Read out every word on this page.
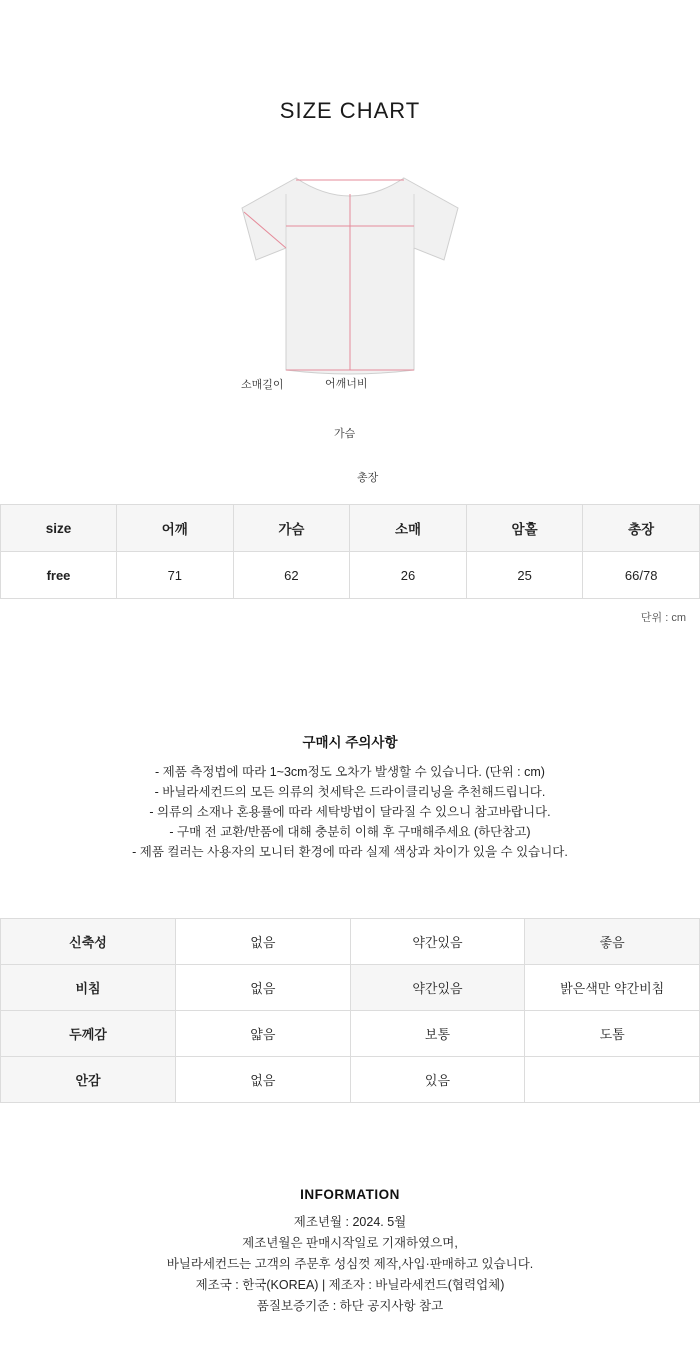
SIZE CHART
소매길이	어깨너비
가슴
총장
size	어깨	가슴	소매	암홀	총장
free	71	62	26	25	66/78
단위 : cm
구매시 주의사항
- 제품 측정법에 따라 1~3cm정도 오차가 발생할 수 있습니다. (단위 : cm)
- 바닐라세컨드의 모든 의류의 첫세탁은 드라이클리닝을 추천해드립니다.
- 의류의 소재나 혼용률에 따라 세탁방법이 달라질 수 있으니 참고바랍니다.
- 구매 전 교환/반품에 대해 충분히 이해 후 구매해주세요 (하단참고)
- 제품 컬러는 사용자의 모니터 환경에 따라 실제 색상과 차이가 있을 수 있습니다.
신축성	없음	약간있음	좋음
비침	없음	약간있음	밝은색만 약간비침
두께감	얇음	보통	도톰
안감	없음	있음	
INFORMATION
제조년월 : 2024. 5월
제조년월은 판매시작일로 기재하였으며,
바닐라세컨드는 고객의 주문후 성심껏 제작,사입·판매하고 있습니다.
제조국 : 한국(KOREA) | 제조자 : 바닐라세컨드(협력업체)
품질보증기준 : 하단 공지사항 참고
